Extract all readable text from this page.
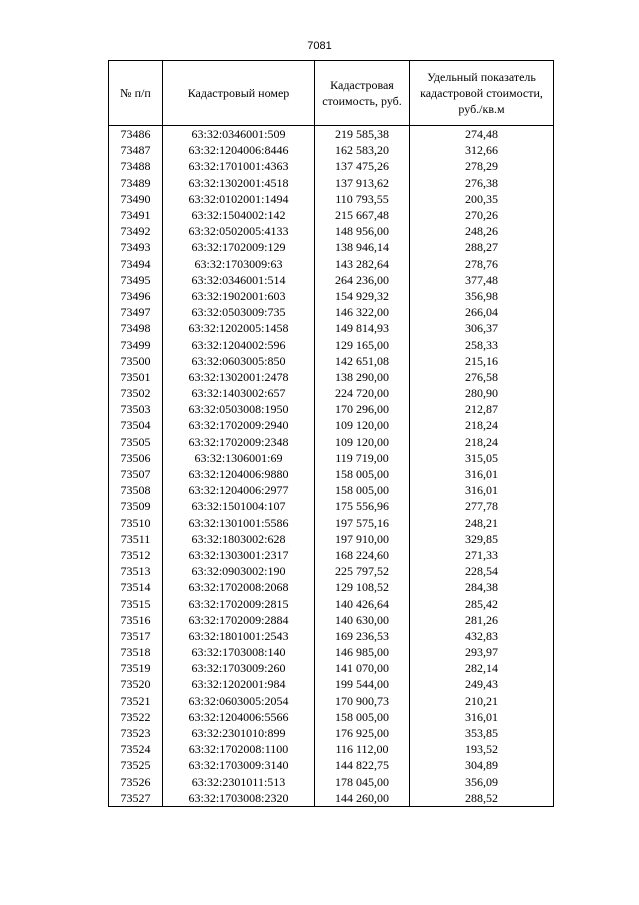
7081
№ п/п	Кадастровый номер	Кадастровая стоимость, руб.	Удельный показатель кадастровой стоимости, руб./кв.м
73486	63:32:0346001:509	219 585,38	274,48
73487	63:32:1204006:8446	162 583,20	312,66
73488	63:32:1701001:4363	137 475,26	278,29
73489	63:32:1302001:4518	137 913,62	276,38
73490	63:32:0102001:1494	110 793,55	200,35
73491	63:32:1504002:142	215 667,48	270,26
73492	63:32:0502005:4133	148 956,00	248,26
73493	63:32:1702009:129	138 946,14	288,27
73494	63:32:1703009:63	143 282,64	278,76
73495	63:32:0346001:514	264 236,00	377,48
73496	63:32:1902001:603	154 929,32	356,98
73497	63:32:0503009:735	146 322,00	266,04
73498	63:32:1202005:1458	149 814,93	306,37
73499	63:32:1204002:596	129 165,00	258,33
73500	63:32:0603005:850	142 651,08	215,16
73501	63:32:1302001:2478	138 290,00	276,58
73502	63:32:1403002:657	224 720,00	280,90
73503	63:32:0503008:1950	170 296,00	212,87
73504	63:32:1702009:2940	109 120,00	218,24
73505	63:32:1702009:2348	109 120,00	218,24
73506	63:32:1306001:69	119 719,00	315,05
73507	63:32:1204006:9880	158 005,00	316,01
73508	63:32:1204006:2977	158 005,00	316,01
73509	63:32:1501004:107	175 556,96	277,78
73510	63:32:1301001:5586	197 575,16	248,21
73511	63:32:1803002:628	197 910,00	329,85
73512	63:32:1303001:2317	168 224,60	271,33
73513	63:32:0903002:190	225 797,52	228,54
73514	63:32:1702008:2068	129 108,52	284,38
73515	63:32:1702009:2815	140 426,64	285,42
73516	63:32:1702009:2884	140 630,00	281,26
73517	63:32:1801001:2543	169 236,53	432,83
73518	63:32:1703008:140	146 985,00	293,97
73519	63:32:1703009:260	141 070,00	282,14
73520	63:32:1202001:984	199 544,00	249,43
73521	63:32:0603005:2054	170 900,73	210,21
73522	63:32:1204006:5566	158 005,00	316,01
73523	63:32:2301010:899	176 925,00	353,85
73524	63:32:1702008:1100	116 112,00	193,52
73525	63:32:1703009:3140	144 822,75	304,89
73526	63:32:2301011:513	178 045,00	356,09
73527	63:32:1703008:2320	144 260,00	288,52
